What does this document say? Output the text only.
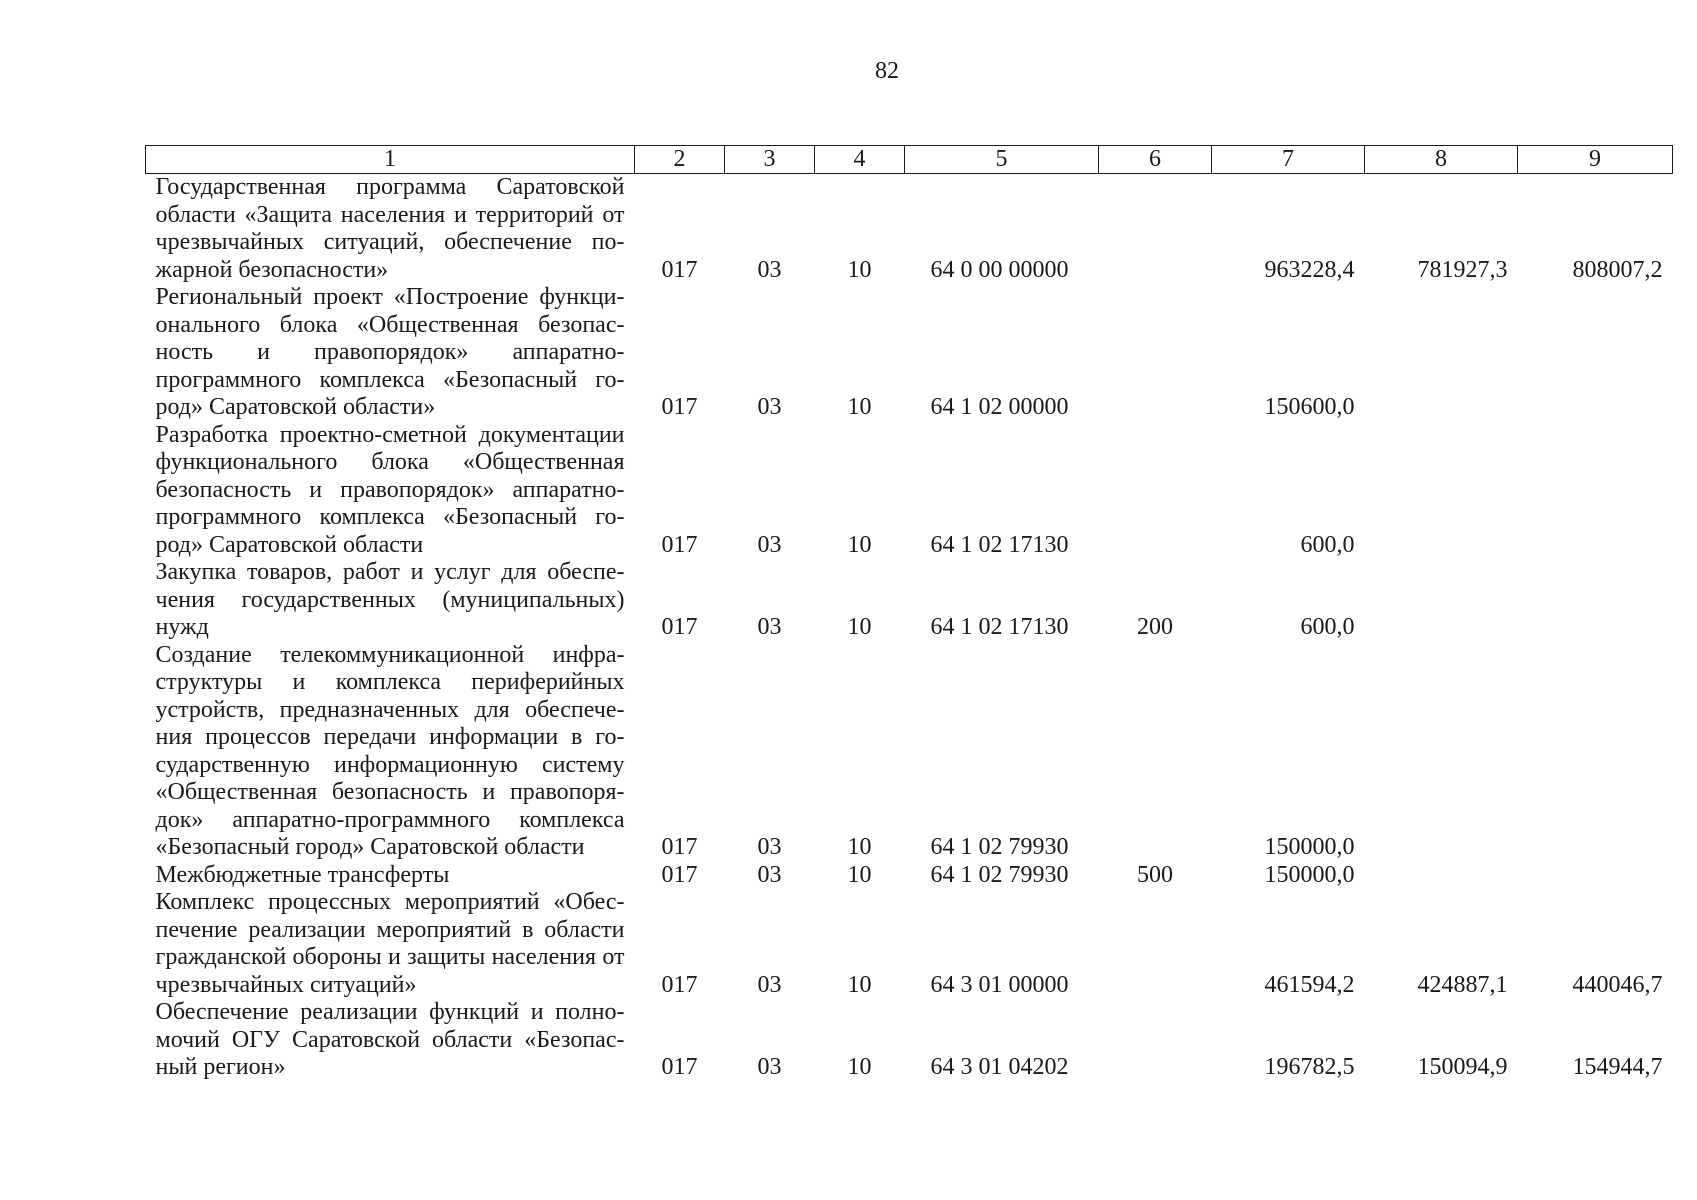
82
1	2	3	4	5	6	7	8	9
Государственная программа Саратовской области «Защита населения и территорий от чрезвычайных ситуаций, обеспечение пожарной безопасности»	017	03	10	64 0 00 00000		963228,4	781927,3	808007,2
Региональный проект «Построение функционального блока «Общественная безопасность и правопорядок» аппаратно-программного комплекса «Безопасный город» Саратовской области»	017	03	10	64 1 02 00000		150600,0		
Разработка проектно-сметной документации функционального блока «Общественная безопасность и правопорядок» аппаратно-программного комплекса «Безопасный город» Саратовской области	017	03	10	64 1 02 17130		600,0		
Закупка товаров, работ и услуг для обеспечения государственных (муниципальных) нужд	017	03	10	64 1 02 17130	200	600,0		
Создание телекоммуникационной инфраструктуры и комплекса периферийных устройств, предназначенных для обеспечения процессов передачи информации в государственную информационную систему «Общественная безопасность и правопорядок» аппаратно-программного комплекса «Безопасный город» Саратовской области	017	03	10	64 1 02 79930		150000,0		
Межбюджетные трансферты	017	03	10	64 1 02 79930	500	150000,0		
Комплекс процессных мероприятий «Обеспечение реализации мероприятий в области гражданской обороны и защиты населения от чрезвычайных ситуаций»	017	03	10	64 3 01 00000		461594,2	424887,1	440046,7
Обеспечение реализации функций и полномочий ОГУ Саратовской области «Безопасный регион»	017	03	10	64 3 01 04202		196782,5	150094,9	154944,7
